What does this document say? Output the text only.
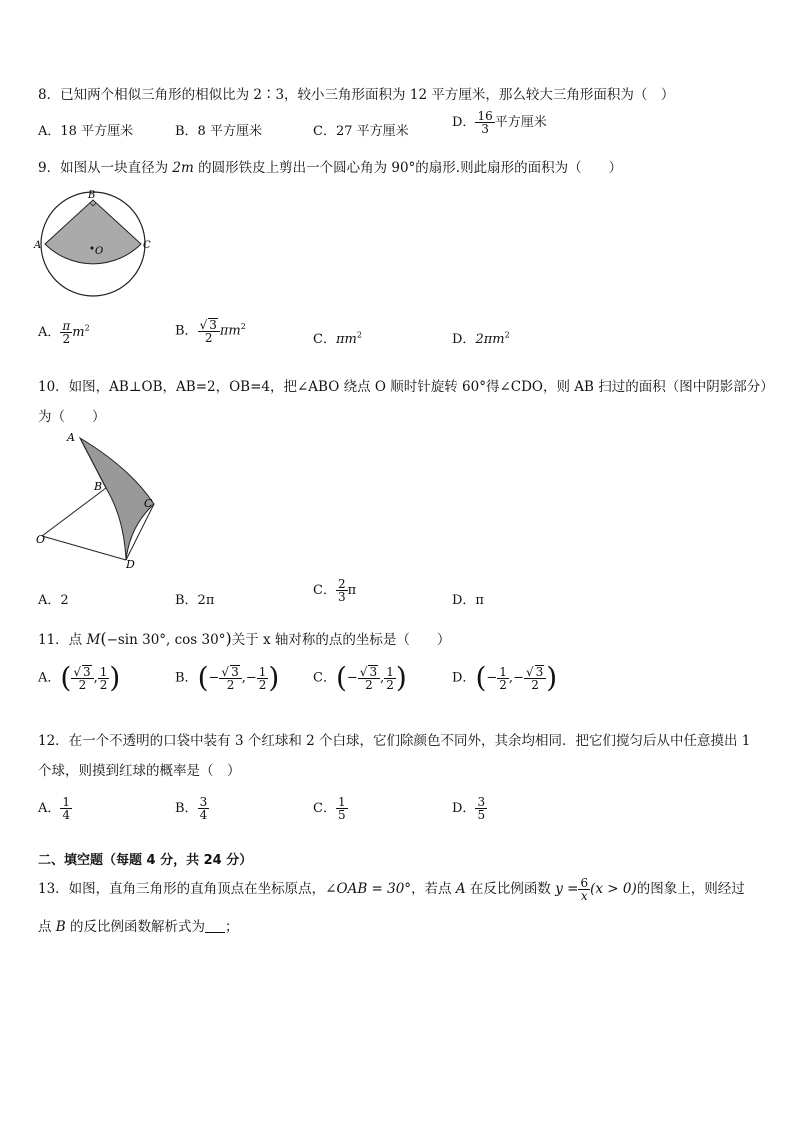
8．已知两个相似三角形的相似比为 2∶3，较小三角形面积为 12 平方厘米，那么较大三角形面积为（　）
A．18 平方厘米	B．8 平方厘米	C．27 平方厘米
D． $\frac{16}{3}$ 平方厘米
9．如图从一块直径为 2m 的圆形铁皮上剪出一个圆心角为 90°的扇形.则此扇形的面积为（　　）
B
A
O
C
A． $\frac{\pi}{2} m^2$	B． $\frac{√ 3}{2} \pi m^2$
C．$\pi m^2$	D．$2\pi m^2$
10．如图，AB⊥OB，AB=2，OB=4，把∠ABO 绕点 O 顺时针旋转 60°得∠CDO，则 AB 扫过的面积（图中阴影部分）
为（　　）
A
B
C
O
D
A．2	B．2π
C． $\frac{2}{3}$ π
D．π
11．点 M(−sin 30°, cos 30°)关于 x 轴对称的点的坐标是（　　）
A．( $\frac{√ 3}{2}$ , $\frac{1}{2}$ )	B．(− $\frac{√ 3}{2}$ ,− $\frac{1}{2}$ )	C．(− $\frac{√ 3}{2}$ , $\frac{1}{2}$ )	D．(− $\frac{1}{2}$ ,− $\frac{√ 3}{2}$ )
12．在一个不透明的口袋中装有 3 个红球和 2 个白球，它们除颜色不同外，其余均相同．把它们搅匀后从中任意摸出 1
个球，则摸到红球的概率是（　）
A． $\frac{1}{4}$	B． $\frac{3}{4}$	C． $\frac{1}{5}$	D． $\frac{3}{5}$
二、填空题（每题 4 分，共 24 分）
13．如图，直角三角形的直角顶点在坐标原点，∠OAB = 30°，若点 A 在反比例函数 $y = \frac{6}{x} (x > 0)$的图象上，则经过
点 B 的反比例函数解析式为 ；
